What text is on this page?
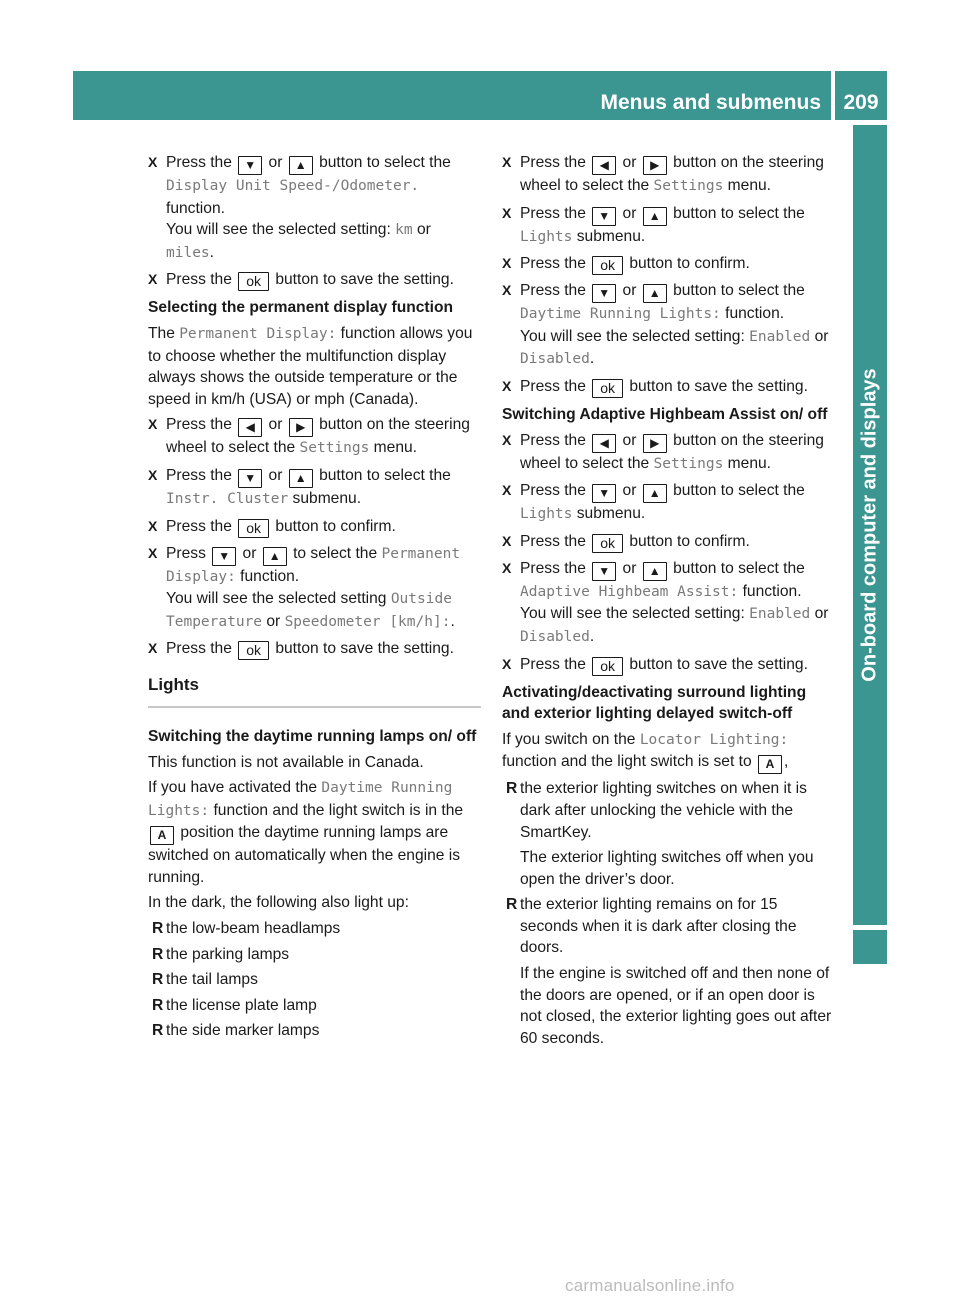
Menus and submenus	209
On-board computer and displays
X Press the ▼ or ▲ button to select the Display Unit Speed-/Odometer. function.
You will see the selected setting: km or miles.
X Press the ok button to save the setting.
Selecting the permanent display function
The Permanent Display: function allows you to choose whether the multifunction display always shows the outside temperature or the speed in km/h (USA) or mph (Canada).
X Press the ◀ or ▶ button on the steering wheel to select the Settings menu.
X Press the ▼ or ▲ button to select the Instr. Cluster submenu.
X Press the ok button to confirm.
X Press ▼ or ▲ to select the Permanent Display: function.
You will see the selected setting Outside Temperature or Speedometer [km/h]:.
X Press the ok button to save the setting.
Lights
Switching the daytime running lamps on/ off
This function is not available in Canada.
If you have activated the Daytime Running Lights: function and the light switch is in the A position the daytime running lamps are switched on automatically when the engine is running.
In the dark, the following also light up:
R the low-beam headlamps
R the parking lamps
R the tail lamps
R the license plate lamp
R the side marker lamps
X Press the ◀ or ▶ button on the steering wheel to select the Settings menu.
X Press the ▼ or ▲ button to select the Lights submenu.
X Press the ok button to confirm.
X Press the ▼ or ▲ button to select the Daytime Running Lights: function.
You will see the selected setting: Enabled or Disabled.
X Press the ok button to save the setting.
Switching Adaptive Highbeam Assist on/ off
X Press the ◀ or ▶ button on the steering wheel to select the Settings menu.
X Press the ▼ or ▲ button to select the Lights submenu.
X Press the ok button to confirm.
X Press the ▼ or ▲ button to select the Adaptive Highbeam Assist: function.
You will see the selected setting: Enabled or Disabled.
X Press the ok button to save the setting.
Activating/deactivating surround lighting and exterior lighting delayed switch-off
If you switch on the Locator Lighting: function and the light switch is set to A ,
R the exterior lighting switches on when it is dark after unlocking the vehicle with the SmartKey.
The exterior lighting switches off when you open the driver’s door.
R the exterior lighting remains on for 15 seconds when it is dark after closing the doors.
If the engine is switched off and then none of the doors are opened, or if an open door is not closed, the exterior lighting goes out after 60 seconds.
carmanualsonline.info
